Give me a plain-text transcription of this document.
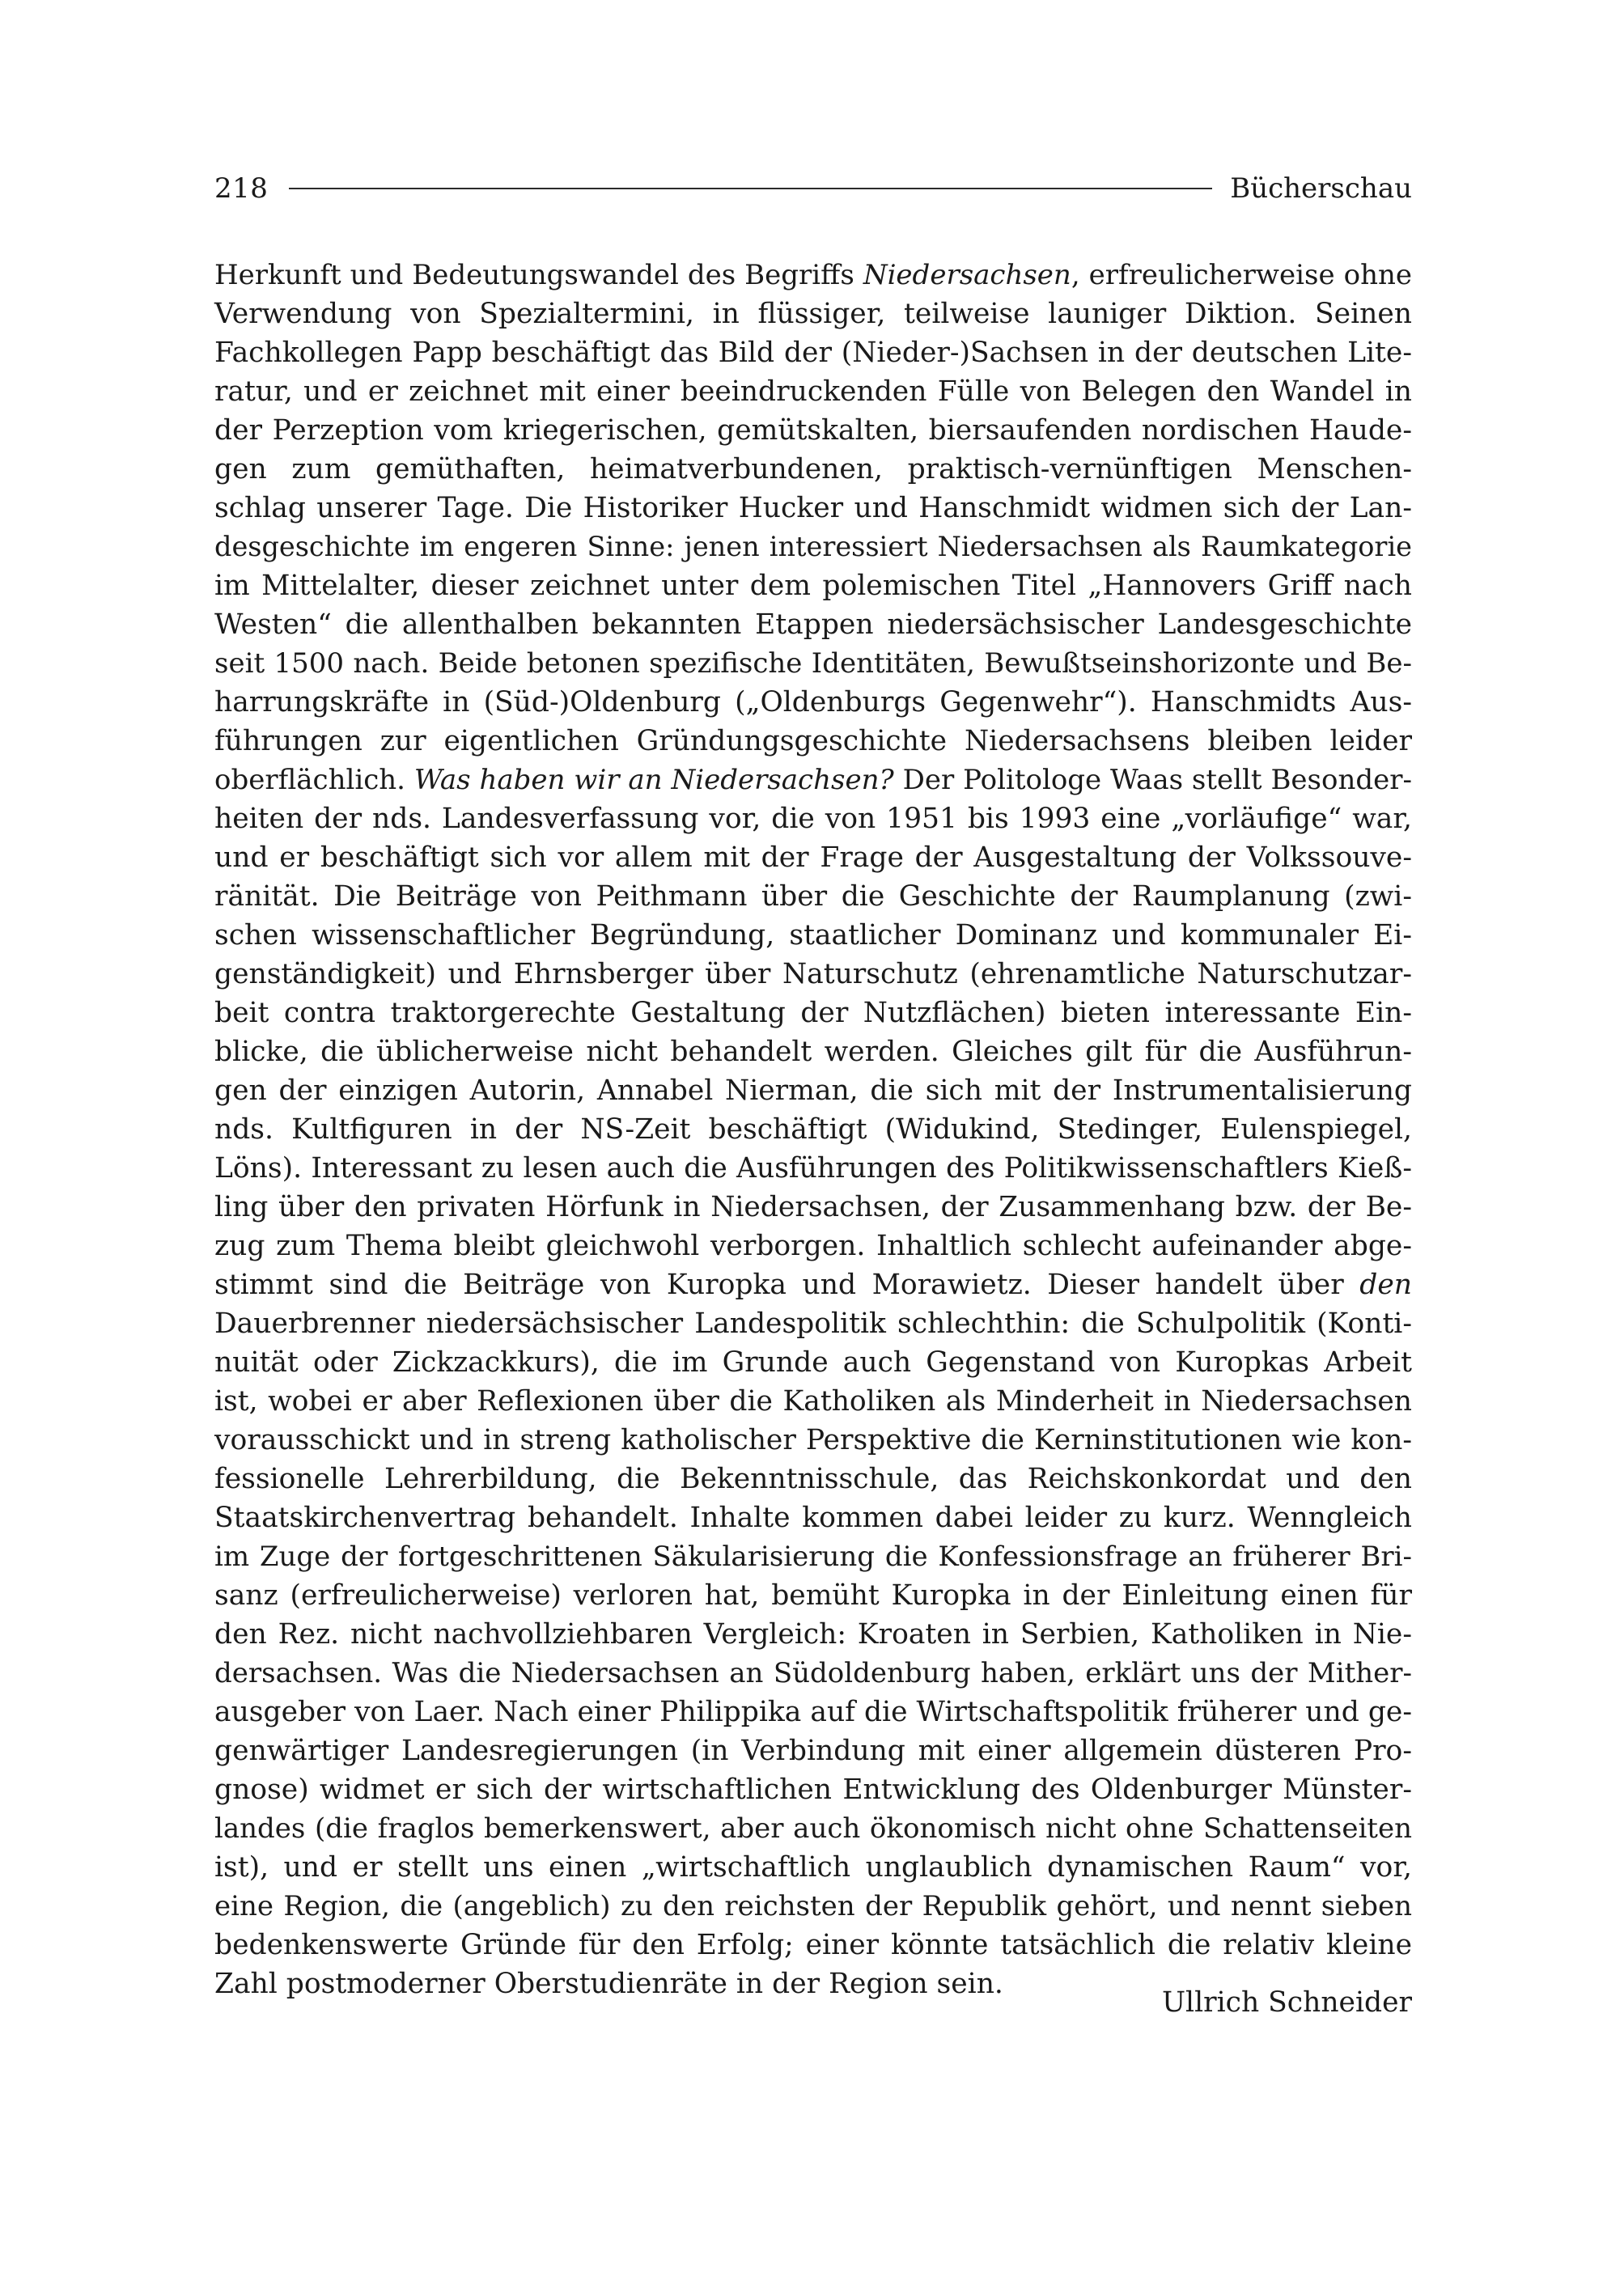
218	Bücherschau
Herkunft und Bedeutungswandel des Begriffs Niedersachsen, erfreulicherweise ohne
Verwendung von Spezialtermini, in flüssiger, teilweise launiger Diktion. Seinen
Fachkollegen Papp beschäftigt das Bild der (Nieder-)Sachsen in der deutschen Lite-
ratur, und er zeichnet mit einer beeindruckenden Fülle von Belegen den Wandel in
der Perzeption vom kriegerischen, gemütskalten, biersaufenden nordischen Haude-
gen zum gemüthaften, heimatverbundenen, praktisch-vernünftigen Menschen-
schlag unserer Tage. Die Historiker Hucker und Hanschmidt widmen sich der Lan-
desgeschichte im engeren Sinne: jenen interessiert Niedersachsen als Raumkategorie
im Mittelalter, dieser zeichnet unter dem polemischen Titel „Hannovers Griff nach
Westen“ die allenthalben bekannten Etappen niedersächsischer Landesgeschichte
seit 1500 nach. Beide betonen spezifische Identitäten, Bewußtseinshorizonte und Be-
harrungskräfte in (Süd-)Oldenburg („Oldenburgs Gegenwehr“). Hanschmidts Aus-
führungen zur eigentlichen Gründungsgeschichte Niedersachsens bleiben leider
oberflächlich. Was haben wir an Niedersachsen? Der Politologe Waas stellt Besonder-
heiten der nds. Landesverfassung vor, die von 1951 bis 1993 eine „vorläufige“ war,
und er beschäftigt sich vor allem mit der Frage der Ausgestaltung der Volkssouve-
ränität. Die Beiträge von Peithmann über die Geschichte der Raumplanung (zwi-
schen wissenschaftlicher Begründung, staatlicher Dominanz und kommunaler Ei-
genständigkeit) und Ehrnsberger über Naturschutz (ehrenamtliche Naturschutzar-
beit contra traktorgerechte Gestaltung der Nutzflächen) bieten interessante Ein-
blicke, die üblicherweise nicht behandelt werden. Gleiches gilt für die Ausführun-
gen der einzigen Autorin, Annabel Nierman, die sich mit der Instrumentalisierung
nds. Kultfiguren in der NS-Zeit beschäftigt (Widukind, Stedinger, Eulenspiegel,
Löns). Interessant zu lesen auch die Ausführungen des Politikwissenschaftlers Kieß-
ling über den privaten Hörfunk in Niedersachsen, der Zusammenhang bzw. der Be-
zug zum Thema bleibt gleichwohl verborgen. Inhaltlich schlecht aufeinander abge-
stimmt sind die Beiträge von Kuropka und Morawietz. Dieser handelt über den
Dauerbrenner niedersächsischer Landespolitik schlechthin: die Schulpolitik (Konti-
nuität oder Zickzackkurs), die im Grunde auch Gegenstand von Kuropkas Arbeit
ist, wobei er aber Reflexionen über die Katholiken als Minderheit in Niedersachsen
vorausschickt und in streng katholischer Perspektive die Kerninstitutionen wie kon-
fessionelle Lehrerbildung, die Bekenntnisschule, das Reichskonkordat und den
Staatskirchenvertrag behandelt. Inhalte kommen dabei leider zu kurz. Wenngleich
im Zuge der fortgeschrittenen Säkularisierung die Konfessionsfrage an früherer Bri-
sanz (erfreulicherweise) verloren hat, bemüht Kuropka in der Einleitung einen für
den Rez. nicht nachvollziehbaren Vergleich: Kroaten in Serbien, Katholiken in Nie-
dersachsen. Was die Niedersachsen an Südoldenburg haben, erklärt uns der Mither-
ausgeber von Laer. Nach einer Philippika auf die Wirtschaftspolitik früherer und ge-
genwärtiger Landesregierungen (in Verbindung mit einer allgemein düsteren Pro-
gnose) widmet er sich der wirtschaftlichen Entwicklung des Oldenburger Münster-
landes (die fraglos bemerkenswert, aber auch ökonomisch nicht ohne Schattenseiten
ist), und er stellt uns einen „wirtschaftlich unglaublich dynamischen Raum“ vor,
eine Region, die (angeblich) zu den reichsten der Republik gehört, und nennt sieben
bedenkenswerte Gründe für den Erfolg; einer könnte tatsächlich die relativ kleine
Zahl postmoderner Oberstudienräte in der Region sein.
Ullrich Schneider
